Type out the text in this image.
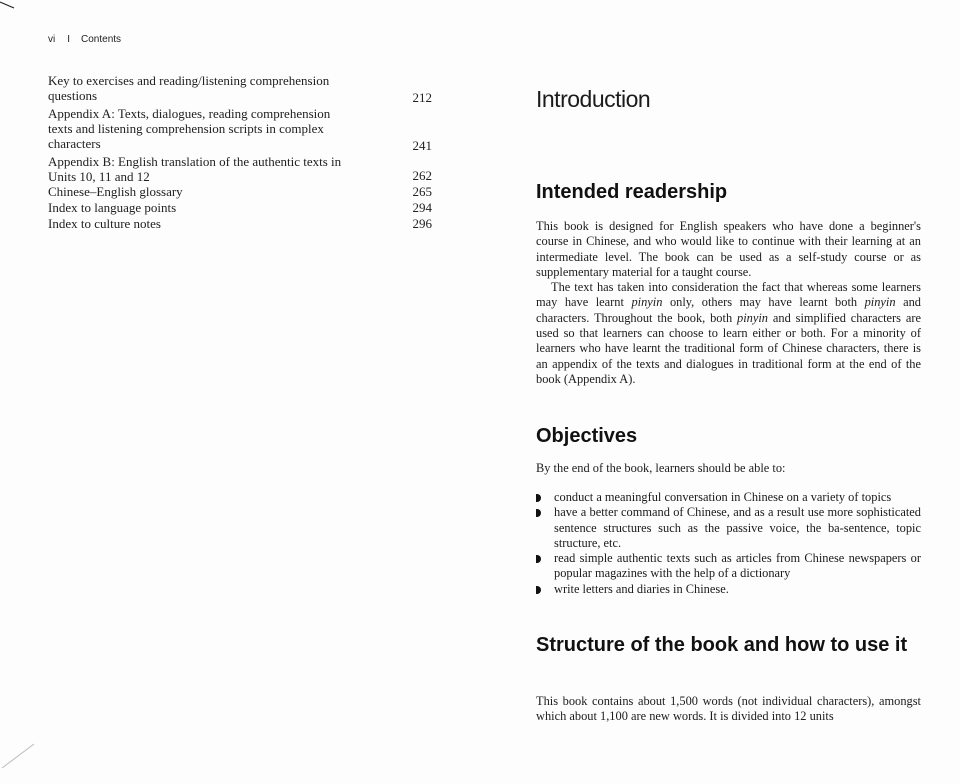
vi I Contents
Key to exercises and reading/listening comprehension questions	212
Appendix A: Texts, dialogues, reading comprehension texts and listening comprehension scripts in complex characters	241
Appendix B: English translation of the authentic texts in Units 10, 11 and 12	262
Chinese–English glossary	265
Index to language points	294
Index to culture notes	296
Introduction
Intended readership

This book is designed for English speakers who have done a beginner's course in Chinese, and who would like to continue with their learning at an intermediate level. The book can be used as a self-study course or as supplementary material for a taught course.

The text has taken into consideration the fact that whereas some learners may have learnt pinyin only, others may have learnt both pinyin and characters. Throughout the book, both pinyin and simplified characters are used so that learners can choose to learn either or both. For a minority of learners who have learnt the traditional form of Chinese characters, there is an appendix of the texts and dialogues in traditional form at the end of the book (Appendix A).

Objectives

By the end of the book, learners should be able to:

conduct a meaningful conversation in Chinese on a variety of topics
have a better command of Chinese, and as a result use more sophisticated sentence structures such as the passive voice, the ba-sentence, topic structure, etc.
read simple authentic texts such as articles from Chinese newspapers or popular magazines with the help of a dictionary
write letters and diaries in Chinese.
Structure of the book and how to use it

This book contains about 1,500 words (not individual characters), amongst which about 1,100 are new words. It is divided into 12 units
